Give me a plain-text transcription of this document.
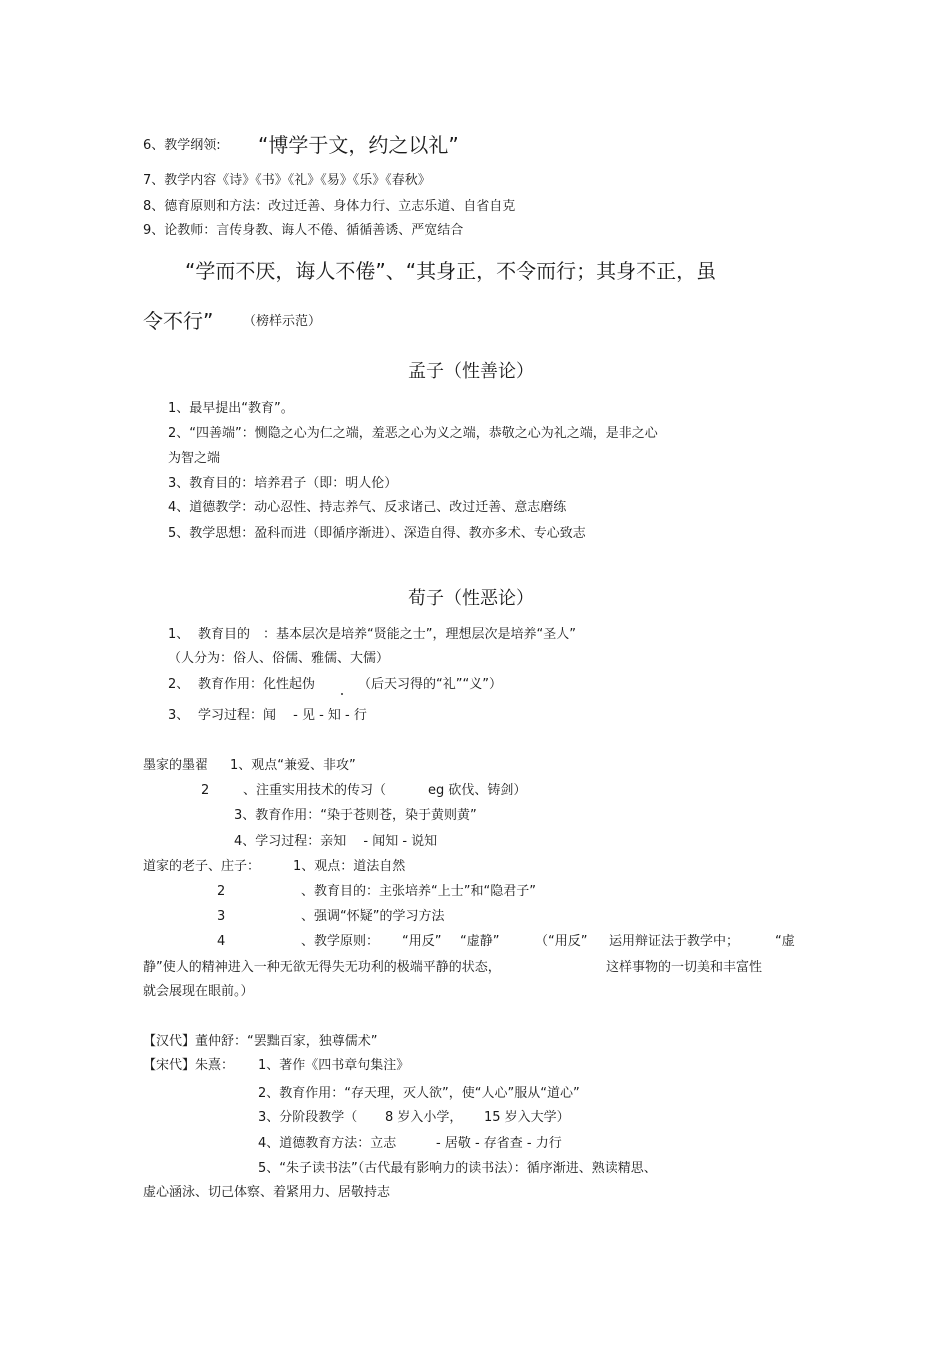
6、教学纲领: “博学于文，约之以礼”
7、教学内容《诗》《书》《礼》《易》《乐》《春秋》
8、德育原则和方法：改过迁善、身体力行、立志乐道、自省自克
9、论教师：言传身教、诲人不倦、循循善诱、严宽结合
“学而不厌，诲人不倦”、“其身正，不令而行；其身不正，虽
令不行” （榜样示范）
孟子（性善论）
1、最早提出“教育”。
2、“四善端”：恻隐之心为仁之端，羞恶之心为义之端，恭敬之心为礼之端，是非之心
为智之端
3、教育目的：培养君子（即：明人伦）
4、道德教学：动心忍性、持志养气、反求诸己、改过迁善、意志磨练
5、教学思想：盈科而进（即循序渐进）、深造自得、教亦多术、专心致志
荀子（性恶论）
1、 教育目的　：基本层次是培养“贤能之士”，理想层次是培养“圣人”
（人分为：俗人、俗儒、雅儒、大儒）
2、 教育作用：化性起伪	（后天习得的“礼”“义”）
3、 学习过程：闻　 - 见 - 知 - 行
墨家的墨翟 1、观点“兼爱、非攻”
2	、注重实用技术的传习（	eg 砍伐、铸剑）
3、教育作用：“染于苍则苍，染于黄则黄”
4、学习过程：亲知　 - 闻知 - 说知
道家的老子、庄子：	1、观点：道法自然
2	、教育目的：主张培养“上士”和“隐君子”
3	、强调“怀疑”的学习方法
4	、教学原则： “用反” “虚静”	（“用反” 运用辩证法于教学中；	“虚
静”使人的精神进入一种无欲无得失无功利的极端平静的状态，	这样事物的一切美和丰富性
就会展现在眼前。）
【汉代】董仲舒：“罢黜百家，独尊儒术”
【宋代】朱熹： 1、著作《四书章句集注》
2、教育作用：“存天理，灭人欲”，使“人心”服从“道心”
3、分阶段教学（ 8 岁入小学， 15 岁入大学）
4、道德教育方法：立志	- 居敬 - 存省查 - 力行
5、“朱子读书法”（古代最有影响力的读书法）：循序渐进、熟读精思、
虚心涵泳、切己体察、着紧用力、居敬持志
